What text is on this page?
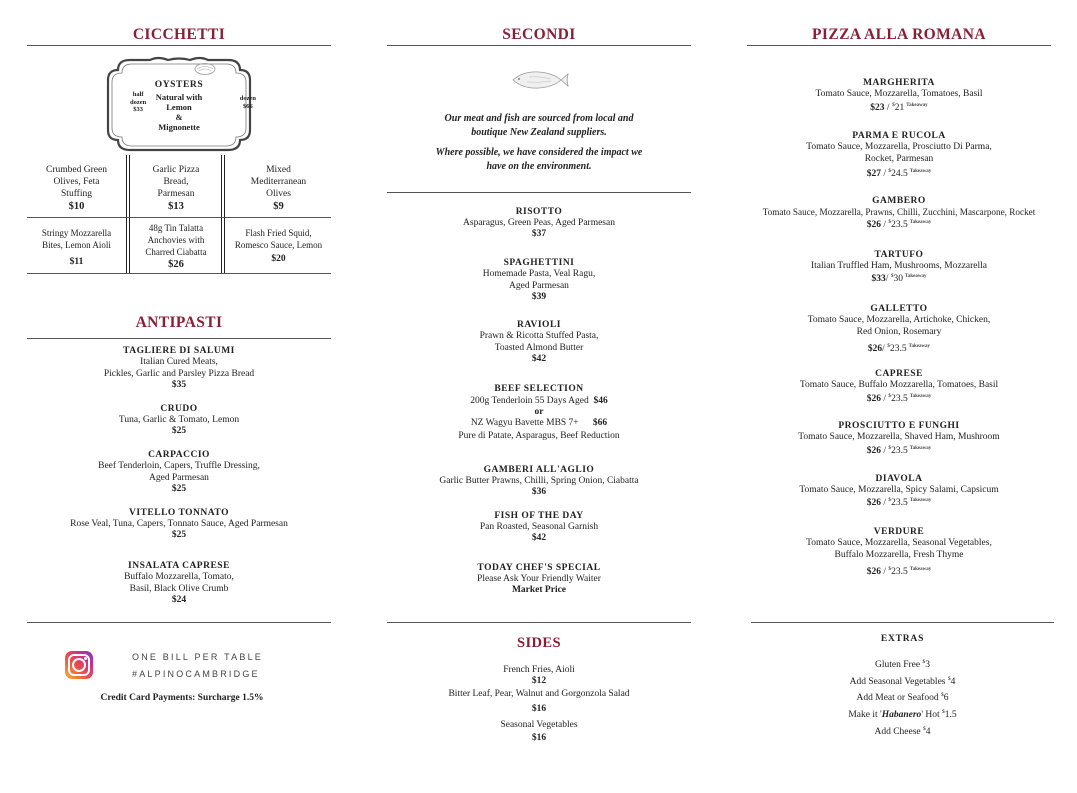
CICCHETTI
OYSTERS
Natural with
Lemon
&
Mignonette
half
dozen
$33
dozen
$66
Crumbed Green
Olives, Feta
Stuffing
$10
Garlic Pizza
Bread,
Parmesan
$13
Mixed
Mediterranean
Olives
$9
Stringy Mozzarella
Bites, Lemon Aioli
$11
48g Tin Talatta
Anchovies with
Charred Ciabatta
$26
Flash Fried Squid,
Romesco Sauce, Lemon
$20
ANTIPASTI
TAGLIERE DI SALUMI
Italian Cured Meats,
Pickles, Garlic and Parsley Pizza Bread
$35
CRUDO
Tuna, Garlic & Tomato, Lemon
$25
CARPACCIO
Beef Tenderloin, Capers, Truffle Dressing,
Aged Parmesan
$25
VITELLO TONNATO
Rose Veal, Tuna, Capers, Tonnato Sauce, Aged Parmesan
$25
INSALATA CAPRESE
Buffalo Mozzarella, Tomato,
Basil, Black Olive Crumb
$24
ONE BILL PER TABLE
#ALPINOCAMBRIDGE
Credit Card Payments: Surcharge 1.5%
SECONDI
Our meat and fish are sourced from local and
boutique New Zealand suppliers.
Where possible, we have considered the impact we
have on the environment.
RISOTTO
Asparagus, Green Peas, Aged Parmesan
$37
SPAGHETTINI
Homemade Pasta, Veal Ragu,
Aged Parmesan
$39
RAVIOLI
Prawn & Ricotta Stuffed Pasta,
Toasted Almond Butter
$42
BEEF SELECTION
200g Tenderloin 55 Days Aged $46
or
NZ Wagyu Bavette MBS 7+ $66
Pure di Patate, Asparagus, Beef Reduction
GAMBERI ALL'AGLIO
Garlic Butter Prawns, Chilli, Spring Onion, Ciabatta
$36
FISH OF THE DAY
Pan Roasted, Seasonal Garnish
$42
TODAY CHEF'S SPECIAL
Please Ask Your Friendly Waiter
Market Price
SIDES
French Fries, Aioli
$12
Bitter Leaf, Pear, Walnut and Gorgonzola Salad
$16
Seasonal Vegetables
$16
PIZZA ALLA ROMANA
MARGHERITA
Tomato Sauce, Mozzarella, Tomatoes, Basil
$23 / $21 $^{Takeaway}$
PARMA E RUCOLA
Tomato Sauce, Mozzarella, Prosciutto Di Parma,
Rocket, Parmesan
$27 / $24.5 $^{Takeaway}$
GAMBERO
Tomato Sauce, Mozzarella, Prawns, Chilli, Zucchini, Mascarpone, Rocket
$26 / $23.5 $^{Takeaway}$
TARTUFO
Italian Truffled Ham, Mushrooms, Mozzarella
$33/ $30 $^{Takeaway}$
GALLETTO
Tomato Sauce, Mozzarella, Artichoke, Chicken,
Red Onion, Rosemary
$26/ $23.5 $^{Takeaway}$
CAPRESE
Tomato Sauce, Buffalo Mozzarella, Tomatoes, Basil
$26 / $23.5 $^{Takeaway}$
PROSCIUTTO E FUNGHI
Tomato Sauce, Mozzarella, Shaved Ham, Mushroom
$26 / $23.5 $^{Takeaway}$
DIAVOLA
Tomato Sauce, Mozzarella, Spicy Salami, Capsicum
$26 / $23.5 $^{Takeaway}$
VERDURE
Tomato Sauce, Mozzarella, Seasonal Vegetables,
Buffalo Mozzarella, Fresh Thyme
$26 / $23.5 $^{Takeaway}$
EXTRAS
Gluten Free $3
Add Seasonal Vegetables $4
Add Meat or Seafood $6
Make it 'Habanero' Hot $1.5
Add Cheese $4
